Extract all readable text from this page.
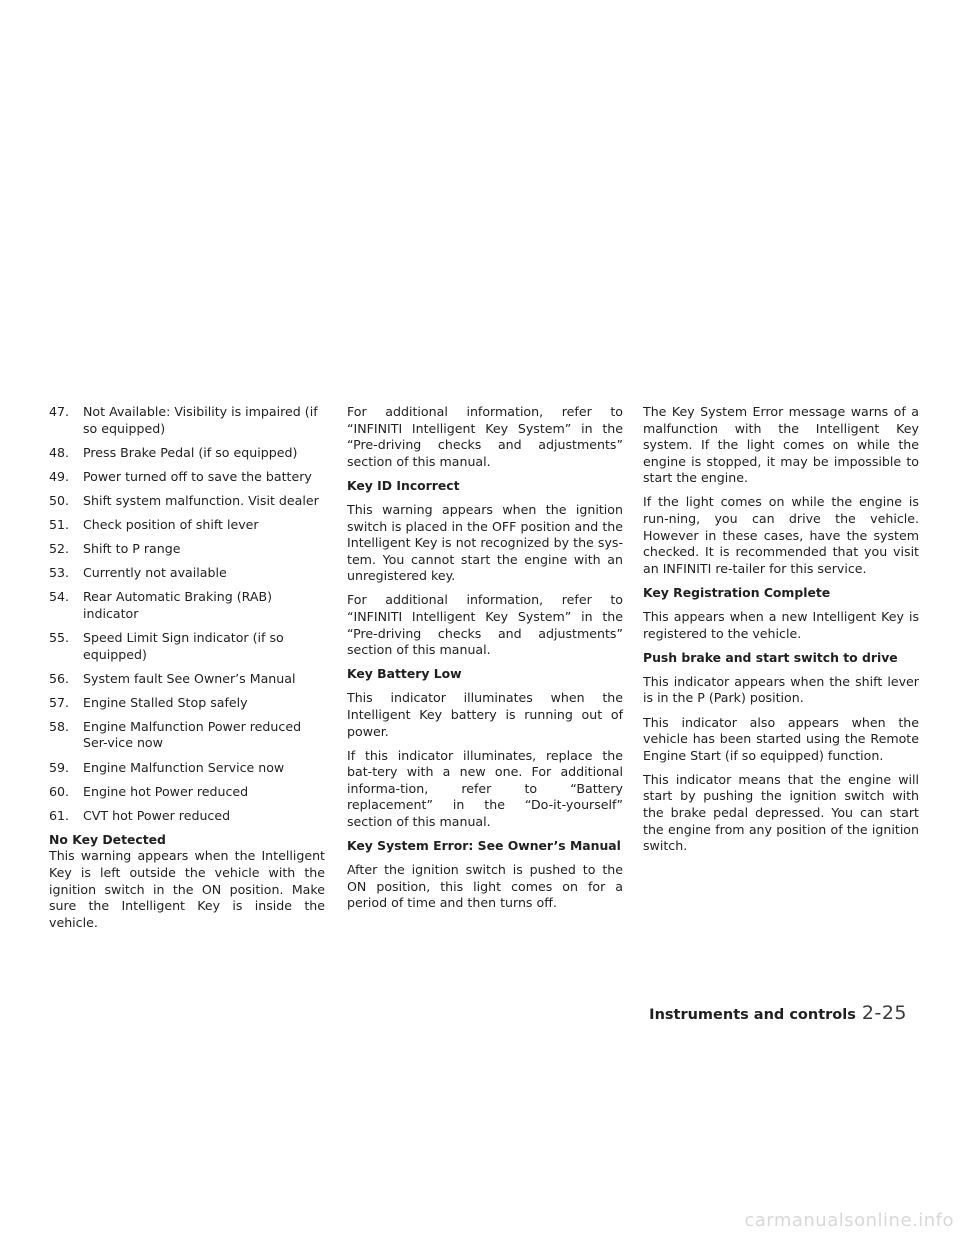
47.	Not Available: Visibility is impaired (if so equipped)
48.	Press Brake Pedal (if so equipped)
49.	Power turned off to save the battery
50.	Shift system malfunction. Visit dealer
51.	Check position of shift lever
52.	Shift to P range
53.	Currently not available
54.	Rear Automatic Braking (RAB) indicator
55.	Speed Limit Sign indicator (if so equipped)
56.	System fault See Owner’s Manual
57.	Engine Stalled Stop safely
58.	Engine Malfunction Power reduced Ser-vice now
59.	Engine Malfunction Service now
60.	Engine hot Power reduced
61.	CVT hot Power reduced
No Key Detected

This warning appears when the Intelligent Key is left outside the vehicle with the ignition switch in the ON position. Make sure the Intelligent Key is inside the vehicle.

For additional information, refer to “INFINITI Intelligent Key System” in the “Pre-driving checks and adjustments” section of this manual.

Key ID Incorrect

This warning appears when the ignition switch is placed in the OFF position and the Intelligent Key is not recognized by the sys-tem. You cannot start the engine with an unregistered key.

For additional information, refer to “INFINITI Intelligent Key System” in the “Pre-driving checks and adjustments” section of this manual.

Key Battery Low

This indicator illuminates when the Intelligent Key battery is running out of power.

If this indicator illuminates, replace the bat-tery with a new one. For additional informa-tion, refer to “Battery replacement” in the “Do-it-yourself” section of this manual.

Key System Error: See Owner’s Manual

After the ignition switch is pushed to the ON position, this light comes on for a period of time and then turns off.

The Key System Error message warns of a malfunction with the Intelligent Key system. If the light comes on while the engine is stopped, it may be impossible to start the engine.

If the light comes on while the engine is run-ning, you can drive the vehicle. However in these cases, have the system checked. It is recommended that you visit an INFINITI re-tailer for this service.

Key Registration Complete

This appears when a new Intelligent Key is registered to the vehicle.

Push brake and start switch to drive

This indicator appears when the shift lever is in the P (Park) position.

This indicator also appears when the vehicle has been started using the Remote Engine Start (if so equipped) function.

This indicator means that the engine will start by pushing the ignition switch with the brake pedal depressed. You can start the engine from any position of the ignition switch.

Instruments and controls 2-25
carmanualsonline.info
